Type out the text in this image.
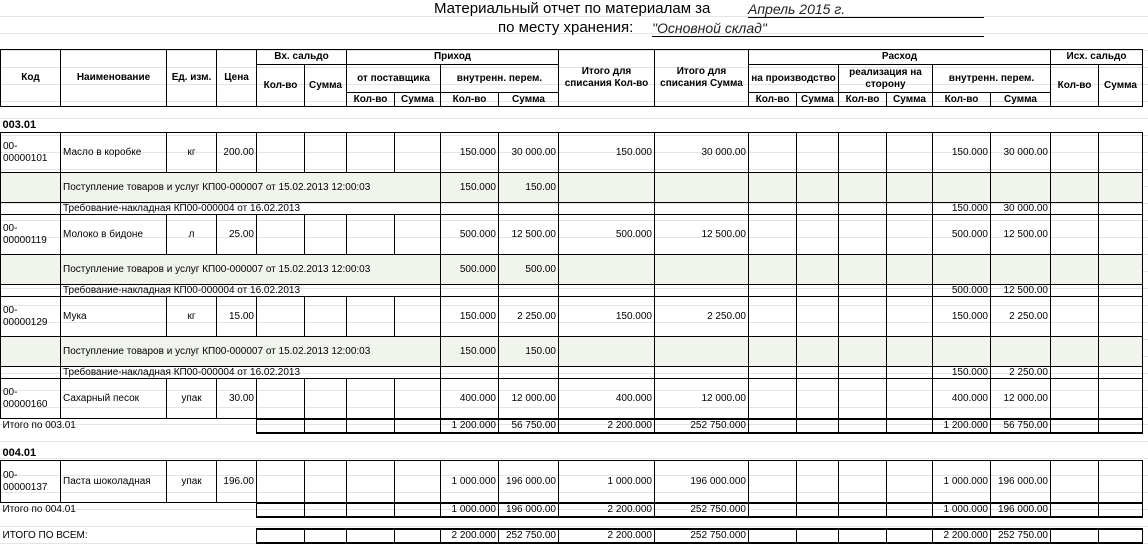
Материальный отчет по материалам за	Апрель 2015 г.
по месту хранения: "Основной склад"
Код	Наименование	Ед. изм.	Цена	Вх. сальдо		Приход				Итого для списания Кол-во	Итого для списания Сумма	Расход						Исх. сальдо	
				Кол-во	Сумма	от поставщика		внутренн. перем.				на производство		реализация на сторону		внутренн. перем.		Кол-во	Сумма
						Кол-во	Сумма	Кол-во	Сумма			Кол-во	Сумма	Кол-во	Сумма	Кол-во	Сумма		

003.01																			
00-00000101	Масло в коробке	кг	200.00					150.000	30 000.00	150.000	30 000.00					150.000	30 000.00		
	Поступление товаров и услуг КП00-000007 от 15.02.2013 12:00:03							150.000	150.00										
	Требование-накладная КП00-000004 от 16.02.2013															150.000	30 000.00		
00-00000119	Молоко в бидоне	л	25.00					500.000	12 500.00	500.000	12 500.00					500.000	12 500.00		
	Поступление товаров и услуг КП00-000007 от 15.02.2013 12:00:03							500.000	500.00										
	Требование-накладная КП00-000004 от 16.02.2013															500.000	12 500.00		
00-00000129	Мука	кг	15.00					150.000	2 250.00	150.000	2 250.00					150.000	2 250.00		
	Поступление товаров и услуг КП00-000007 от 15.02.2013 12:00:03							150.000	150.00										
	Требование-накладная КП00-000004 от 16.02.2013															150.000	2 250.00		
00-00000160	Сахарный песок	упак	30.00					400.000	12 000.00	400.000	12 000.00					400.000	12 000.00		
Итого по 003.01								1 200.000	56 750.00	2 200.000	252 750.000					1 200.000	56 750.00		

004.01																			
00-00000137	Паста шоколадная	упак	196.00					1 000.000	196 000.00	1 000.000	196 000.000					1 000.000	196 000.00		
Итого по 004.01								1 000.000	196 000.00	2 200.000	252 750.000					1 000.000	196 000.00		

ИТОГО ПО ВСЕМ:								2 200.000	252 750.00	2 200.000	252 750.000					2 200.000	252 750.00		
